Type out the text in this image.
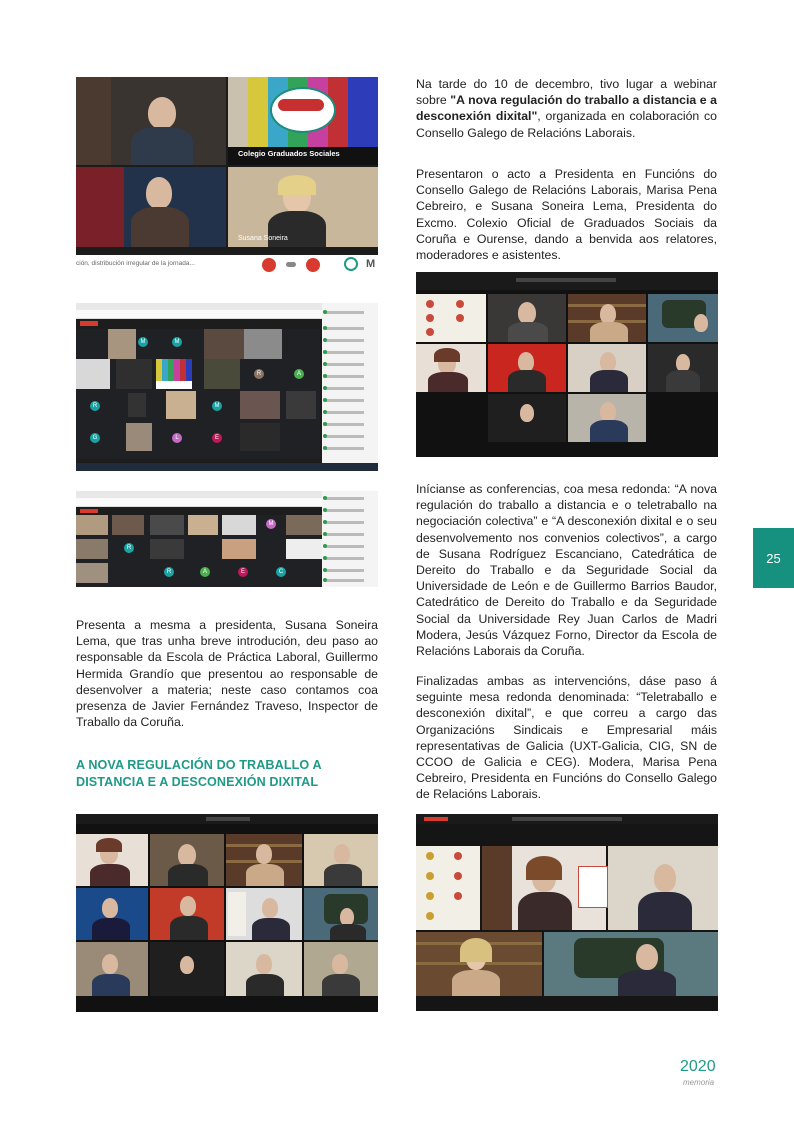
Colegio Graduados Sociales
Susana Soneira
ción, distribución irregular de la jornada...	M
M	M
R	A
R	M
G	L	E
M
R
R	A	E	C

Presenta a mesma a presidenta, Susana Soneira Lema, que tras unha breve introdución, deu paso ao responsable da Escola de Práctica Laboral, Guillermo Hermida Grandío que presentou ao responsable de desenvolver a materia; neste caso contamos coa presenza de Javier Fernández Traveso, Inspector de Traballo da Coruña.

A NOVA REGULACIÓN DO TRABALLO A DISTANCIA E A DESCONEXIÓN DIXITAL

Na tarde do 10 de decembro, tivo lugar a webinar sobre "A nova regulación do traballo a distancia e a desconexión dixital", organizada en colaboración co Consello Galego de Relacións Laborais.

Presentaron o acto a Presidenta en Funcións do Consello Galego de Relacións Laborais, Marisa Pena Cebreiro, e Susana Soneira Lema, Presidenta do Excmo. Colexio Oficial de Graduados Sociais da Coruña e Ourense, dando a benvida aos relatores, moderadores e asistentes.

Inícianse as conferencias, coa mesa redonda: “A nova regulación do traballo a distancia e o teletraballo na negociación colectiva” e “A desconexión dixital e o seu desenvolvemento nos convenios colectivos”, a cargo de Susana Rodríguez Escanciano, Catedrática de Dereito do Traballo e da Seguridade Social da Universidade de León e de Guillermo Barrios Baudor, Catedrático de Dereito do Traballo e da Seguridade Social da Universidade Rey Juan Carlos de Madri Modera, Jesús Vázquez Forno, Director da Escola de Relacións Laborais da Coruña.

Finalizadas ambas as intervencións, dáse paso á seguinte mesa redonda denominada: “Teletraballo e desconexión dixital”, e que correu a cargo das Organizacións Sindicais e Empresarial máis representativas de Galicia (UXT-Galicia, CIG, SN de CCOO de Galicia e CEG). Modera, Marisa Pena Cebreiro, Presidenta en Funcións do Consello Galego de Relacións Laborais.

25
2020
memoria
